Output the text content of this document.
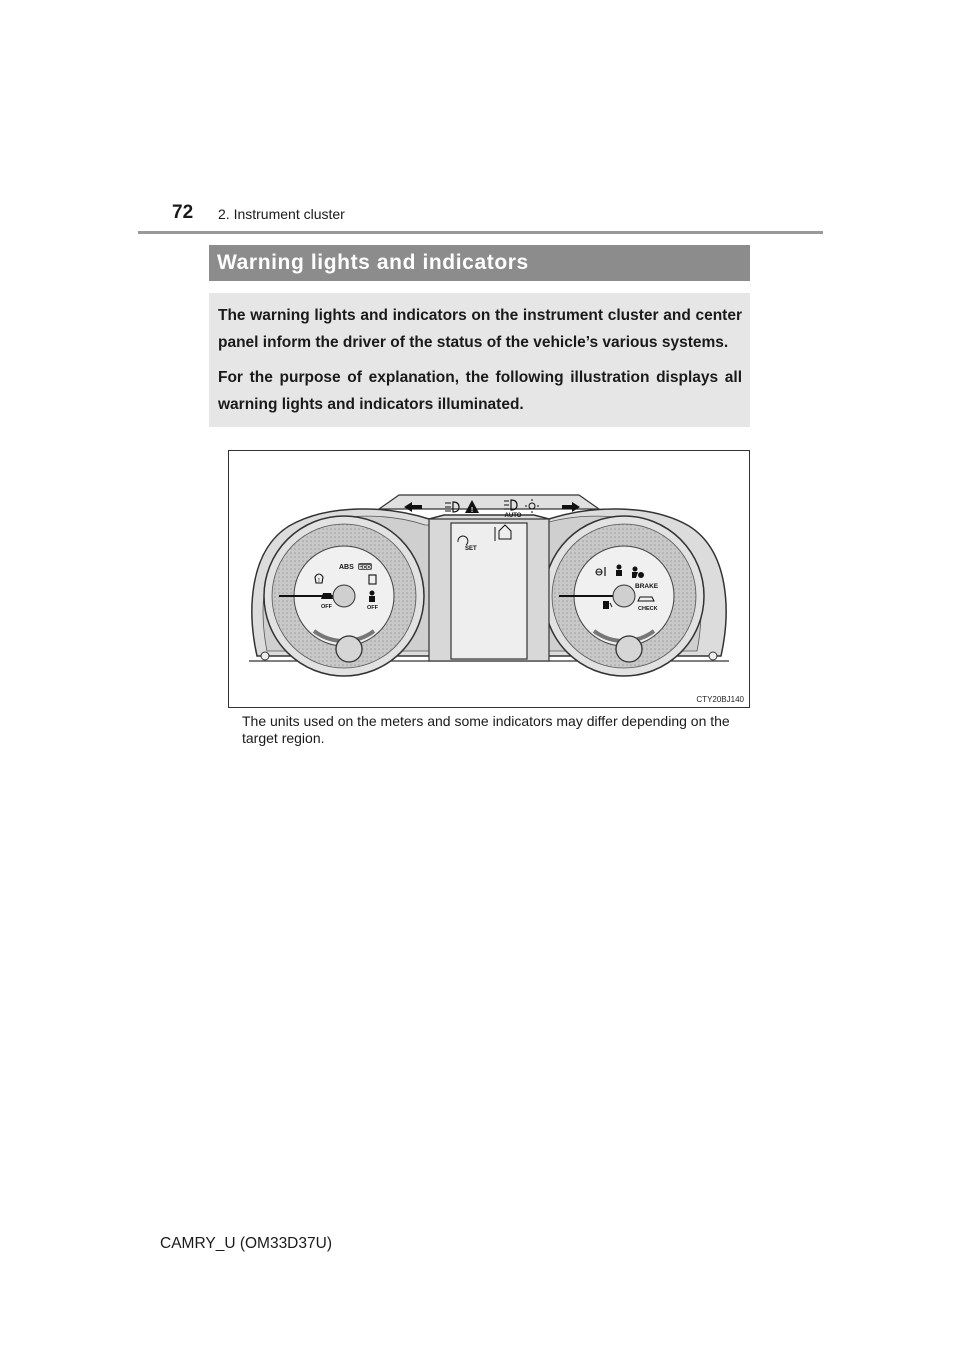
72 2. Instrument cluster
Warning lights and indicators

The warning lights and indicators on the instrument cluster and center panel inform the driver of the status of the vehicle’s various systems.

For the purpose of explanation, the following illustration displays all warning lights and indicators illuminated.

!
AUTO
SET
ABS ECO
!
OFF	OFF
BRAKE
CHECK
CTY20BJ140
The units used on the meters and some indicators may differ depending on the target region.
CAMRY_U (OM33D37U)
